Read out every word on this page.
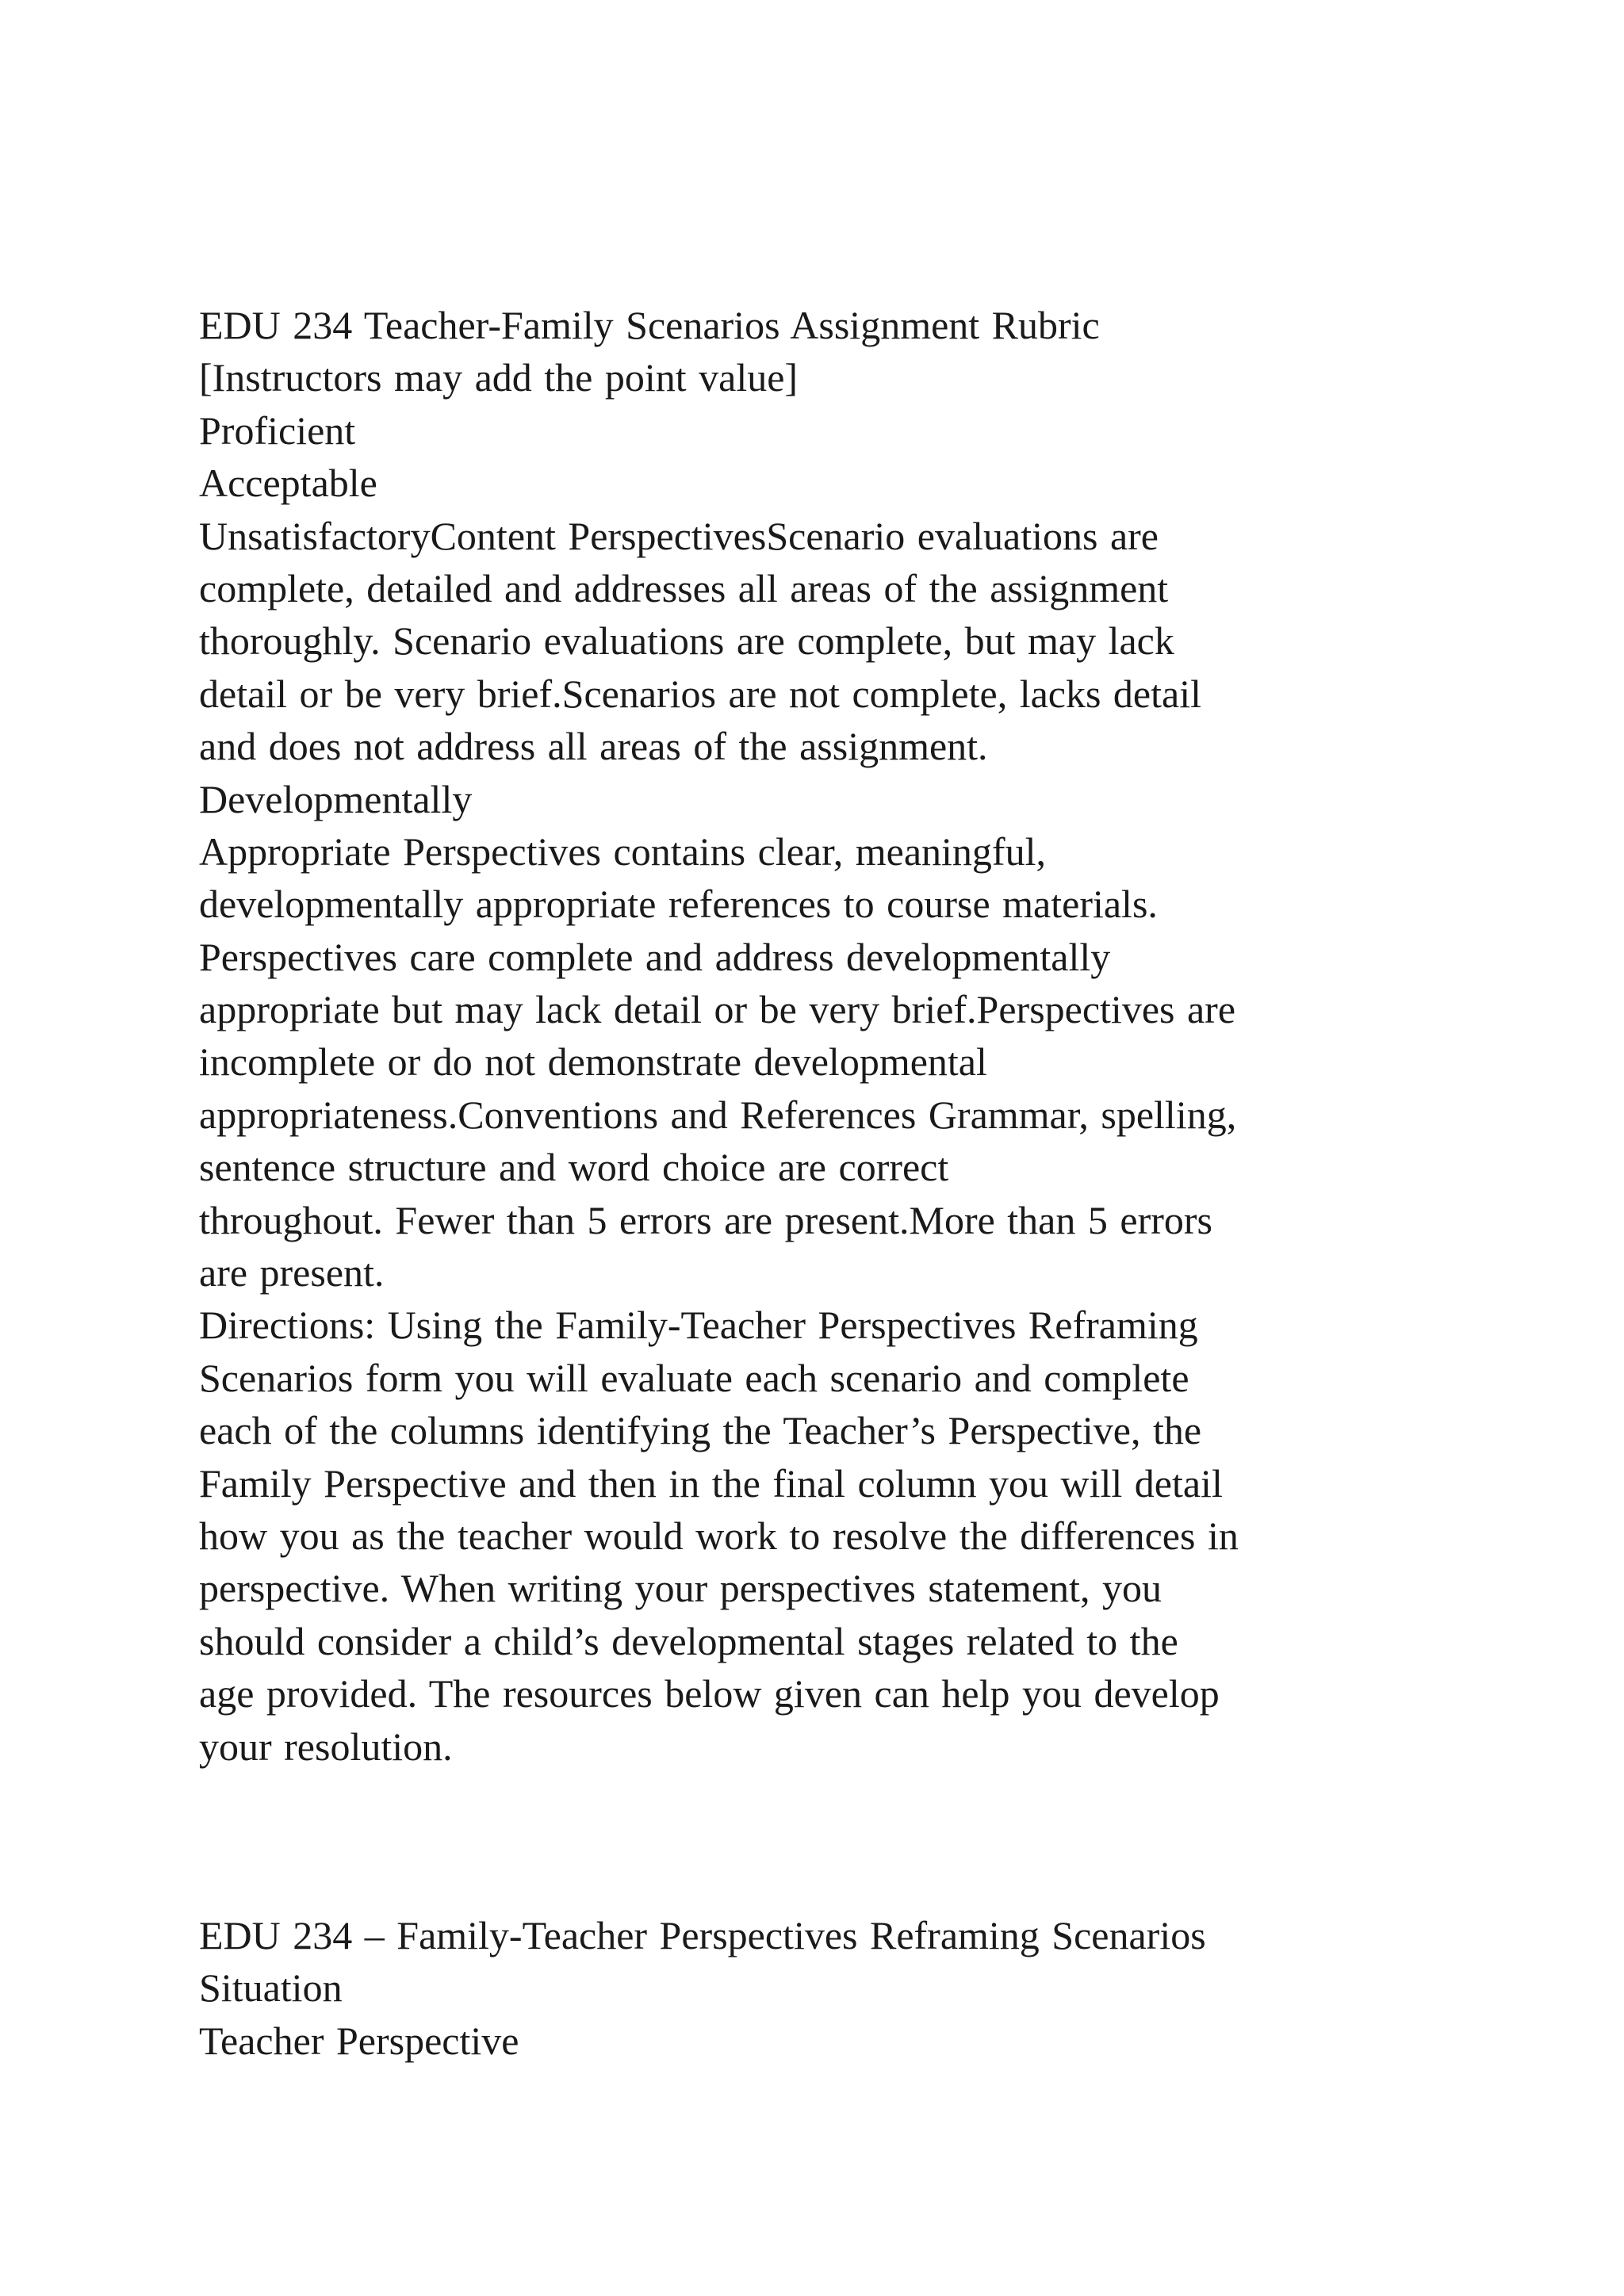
EDU 234 Teacher-Family Scenarios Assignment Rubric
[Instructors may add the point value]
Proficient
Acceptable
UnsatisfactoryContent PerspectivesScenario evaluations are
complete, detailed and addresses all areas of the assignment
thoroughly. Scenario evaluations are complete, but may lack
detail or be very brief.Scenarios are not complete, lacks detail
and does not address all areas of the assignment.
Developmentally
Appropriate Perspectives contains clear, meaningful,
developmentally appropriate references to course materials.
Perspectives care complete and address developmentally
appropriate but may lack detail or be very brief.Perspectives are
incomplete or do not demonstrate developmental
appropriateness.Conventions and References Grammar, spelling,
sentence structure and word choice are correct
throughout. Fewer than 5 errors are present.More than 5 errors
are present.
Directions: Using the Family-Teacher Perspectives Reframing
Scenarios form you will evaluate each scenario and complete
each of the columns identifying the Teacher’s Perspective, the
Family Perspective and then in the final column you will detail
how you as the teacher would work to resolve the differences in
perspective. When writing your perspectives statement, you
should consider a child’s developmental stages related to the
age provided. The resources below given can help you develop
your resolution.
EDU 234 – Family-Teacher Perspectives Reframing Scenarios
Situation
Teacher Perspective
